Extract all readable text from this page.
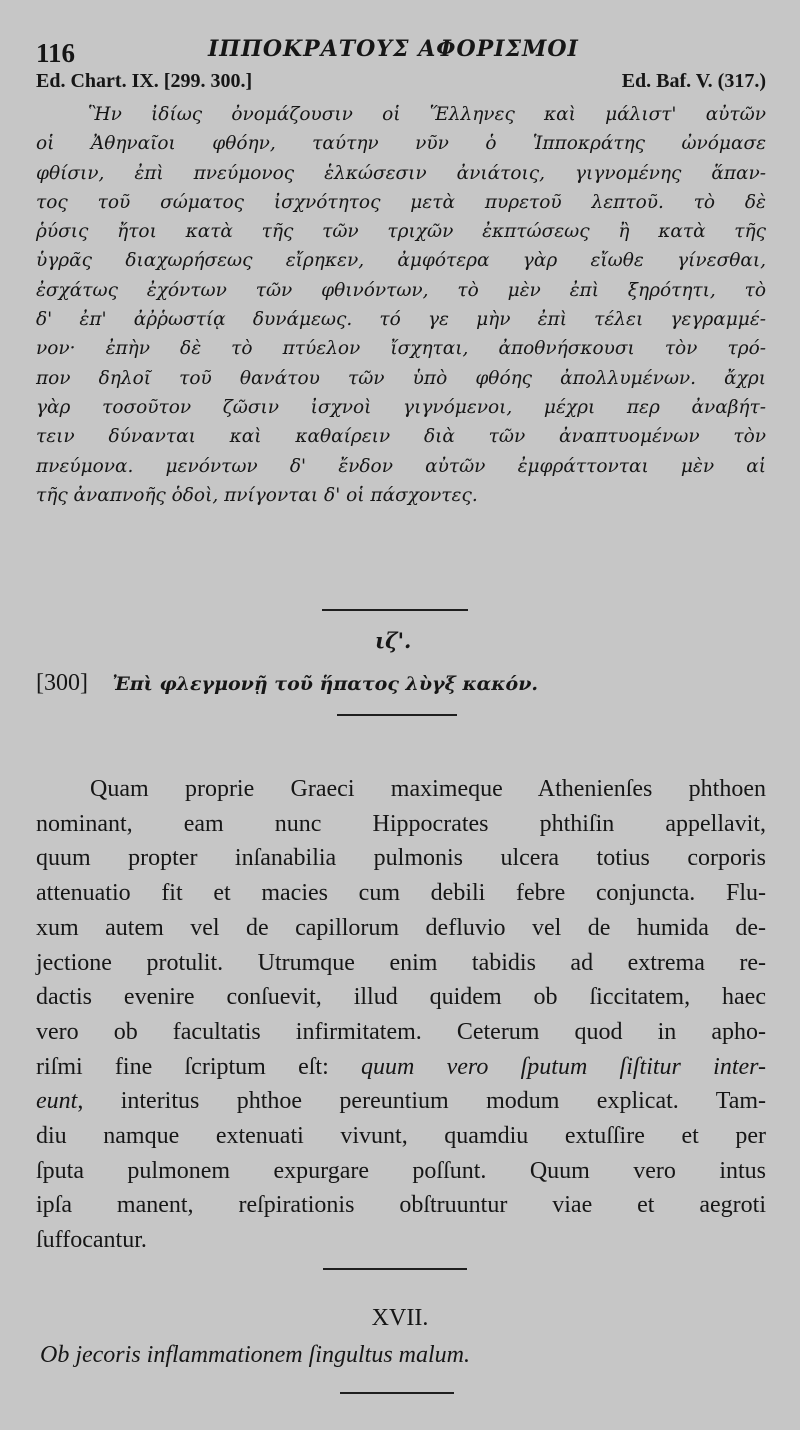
116	ΙΠΠΟΚΡΑΤΟΥΣ ΑΦΟΡΙΣΜΟΙ
Ed. Chart. IX. [299. 300.]	Ed. Baf. V. (317.)
Ἣν ἰδίως ὀνομάζουσιν οἱ Ἕλληνες καὶ μάλιστ' αὐτῶν
οἱ Ἀθηναῖοι φθόην, ταύτην νῦν ὁ Ἱπποκράτης ὠνόμασε
φθίσιν, ἐπὶ πνεύμονος ἑλκώσεσιν ἀνιάτοις, γιγνομένης ἅπαν-
τος τοῦ σώματος ἰσχνότητος μετὰ πυρετοῦ λεπτοῦ. τὸ δὲ
ῥύσις ἤτοι κατὰ τῆς τῶν τριχῶν ἐκπτώσεως ἢ κατὰ τῆς
ὑγρᾶς διαχωρήσεως εἴρηκεν, ἀμφότερα γὰρ εἴωθε γίνεσθαι,
ἐσχάτως ἐχόντων τῶν φθινόντων, τὸ μὲν ἐπὶ ξηρότητι, τὸ
δ' ἐπ' ἀῤῥωστίᾳ δυνάμεως. τό γε μὴν ἐπὶ τέλει γεγραμμέ-
νον· ἐπὴν δὲ τὸ πτύελον ἴσχηται, ἀποθνήσκουσι τὸν τρό-
πον δηλοῖ τοῦ θανάτου τῶν ὑπὸ φθόης ἀπολλυμένων. ἄχρι
γὰρ τοσοῦτον ζῶσιν ἰσχνοὶ γιγνόμενοι, μέχρι περ ἀναβήτ-
τειν δύνανται καὶ καθαίρειν διὰ τῶν ἀναπτυομένων τὸν
πνεύμονα. μενόντων δ' ἔνδον αὐτῶν ἐμφράττονται μὲν αἱ
τῆς ἀναπνοῆς ὁδοὶ, πνίγονται δ' οἱ πάσχοντες.
ιζ'.
[300] Ἐπὶ φλεγμονῇ τοῦ ἥπατος λὺγξ κακόν.
Quam proprie Graeci maximeque Athenienſes phthoen
nominant, eam nunc Hippocrates phthiſin appellavit,
quum propter inſanabilia pulmonis ulcera totius corporis
attenuatio fit et macies cum debili febre conjuncta. Flu-
xum autem vel de capillorum defluvio vel de humida de-
jectione protulit. Utrumque enim tabidis ad extrema re-
dactis evenire conſuevit, illud quidem ob ſiccitatem, haec
vero ob facultatis infirmitatem. Ceterum quod in apho-
riſmi fine ſcriptum eſt: quum vero ſputum ſiſtitur inter-
eunt, interitus phthoe pereuntium modum explicat. Tam-
diu namque extenuati vivunt, quamdiu extuſſire et per
ſputa pulmonem expurgare poſſunt. Quum vero intus
ipſa manent, reſpirationis obſtruuntur viae et aegroti
ſuffocantur.
XVII.
Ob jecoris inflammationem ſingultus malum.
